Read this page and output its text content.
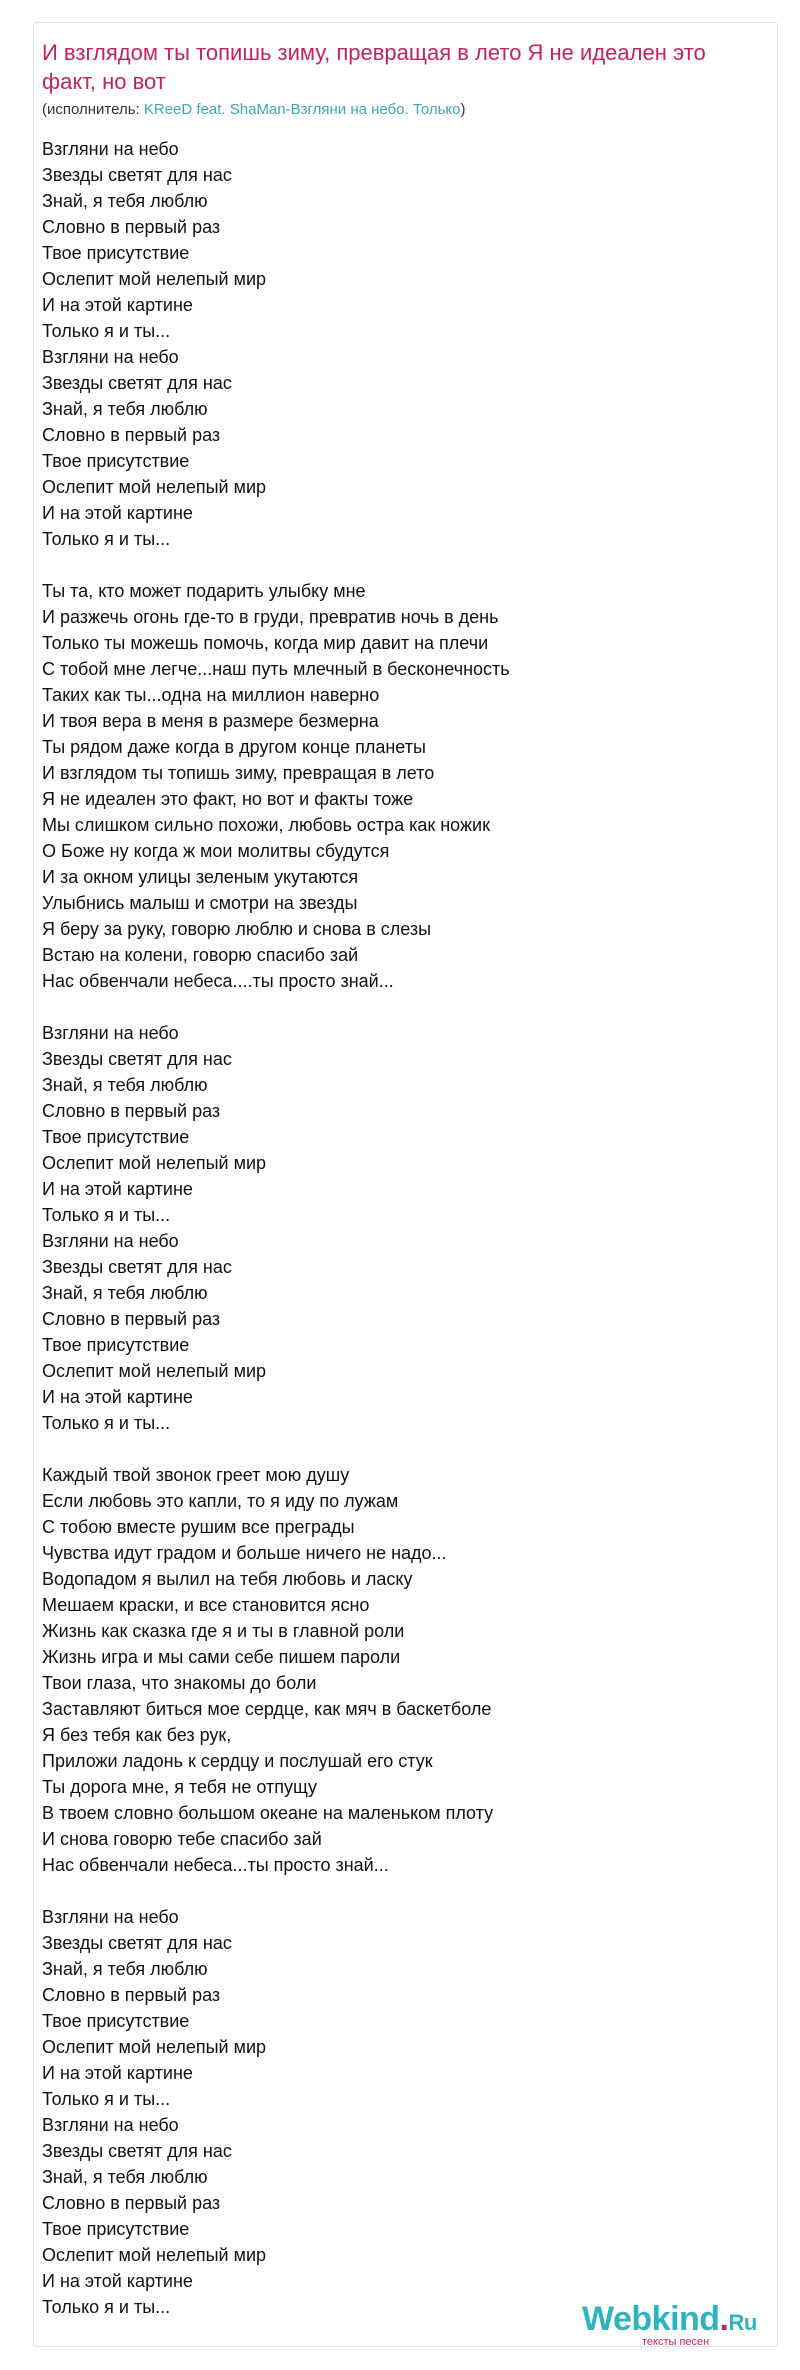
И взглядом ты топишь зиму, превращая в лето Я не идеален это факт, но вот
(исполнитель: KReeD feat. ShaMan-Взгляни на небо. Только)
Взгляни на небо
Звезды светят для нас
Знай, я тебя люблю
Словно в первый раз
Твое присутствие
Ослепит мой нелепый мир
И на этой картине
Только я и ты...
Взгляни на небо
Звезды светят для нас
Знай, я тебя люблю
Словно в первый раз
Твое присутствие
Ослепит мой нелепый мир
И на этой картине
Только я и ты...
Ты та, кто может подарить улыбку мне
И разжечь огонь где-то в груди, превратив ночь в день
Только ты можешь помочь, когда мир давит на плечи
С тобой мне легче...наш путь млечный в бесконечность
Таких как ты...одна на миллион наверно
И твоя вера в меня в размере безмерна
Ты рядом даже когда в другом конце планеты
И взглядом ты топишь зиму, превращая в лето
Я не идеален это факт, но вот и факты тоже
Мы слишком сильно похожи, любовь остра как ножик
О Боже ну когда ж мои молитвы сбудутся
И за окном улицы зеленым укутаются
Улыбнись малыш и смотри на звезды
Я беру за руку, говорю люблю и снова в слезы
Встаю на колени, говорю спасибо зай
Нас обвенчали небеса....ты просто знай...
Взгляни на небо
Звезды светят для нас
Знай, я тебя люблю
Словно в первый раз
Твое присутствие
Ослепит мой нелепый мир
И на этой картине
Только я и ты...
Взгляни на небо
Звезды светят для нас
Знай, я тебя люблю
Словно в первый раз
Твое присутствие
Ослепит мой нелепый мир
И на этой картине
Только я и ты...
Каждый твой звонок греет мою душу
Если любовь это капли, то я иду по лужам
С тобою вместе рушим все преграды
Чувства идут градом и больше ничего не надо...
Водопадом я вылил на тебя любовь и ласку
Мешаем краски, и все становится ясно
Жизнь как сказка где я и ты в главной роли
Жизнь игра и мы сами себе пишем пароли
Твои глаза, что знакомы до боли
Заставляют биться мое сердце, как мяч в баскетболе
Я без тебя как без рук,
Приложи ладонь к сердцу и послушай его стук
Ты дорога мне, я тебя не отпущу
В твоем словно большом океане на маленьком плоту
И снова говорю тебе спасибо зай
Нас обвенчали небеса...ты просто знай...
Взгляни на небо
Звезды светят для нас
Знай, я тебя люблю
Словно в первый раз
Твое присутствие
Ослепит мой нелепый мир
И на этой картине
Только я и ты...
Взгляни на небо
Звезды светят для нас
Знай, я тебя люблю
Словно в первый раз
Твое присутствие
Ослепит мой нелепый мир
И на этой картине
Только я и ты...	Webkind.Ru
тексты песен
